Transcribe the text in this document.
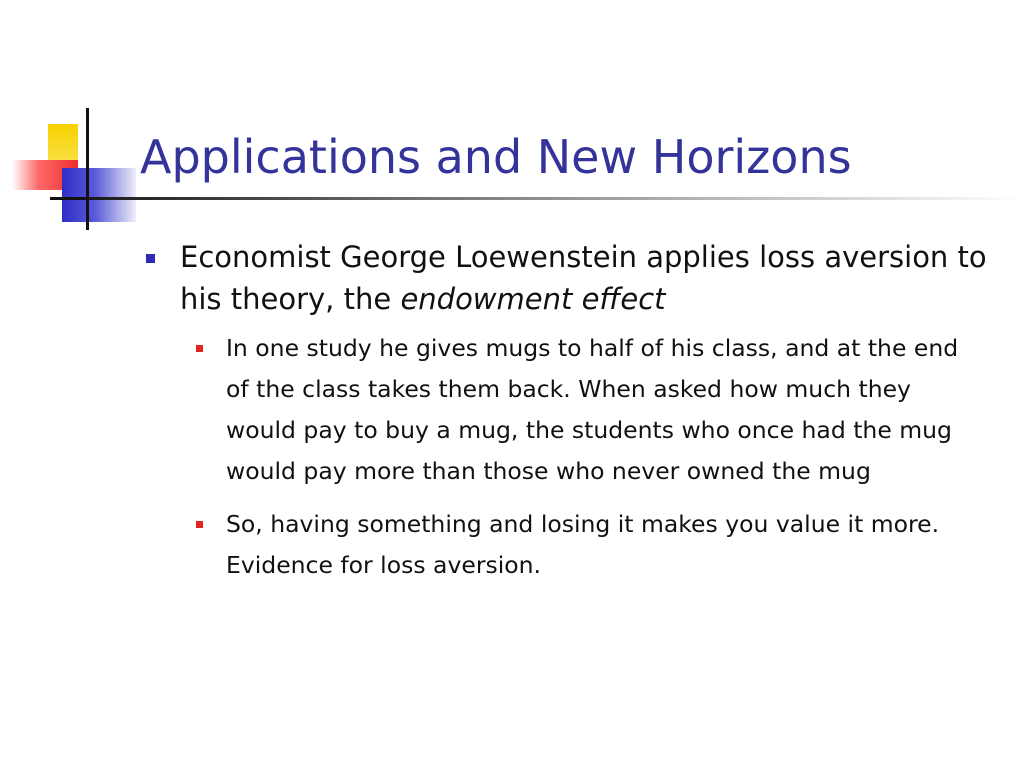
Applications and New Horizons
Economist George Loewenstein applies loss aversion to his theory, the endowment effect
In one study he gives mugs to half of his class, and at the end of the class takes them back. When asked how much they would pay to buy a mug, the students who once had the mug would pay more than those who never owned the mug
So, having something and losing it makes you value it more. Evidence for loss aversion.
